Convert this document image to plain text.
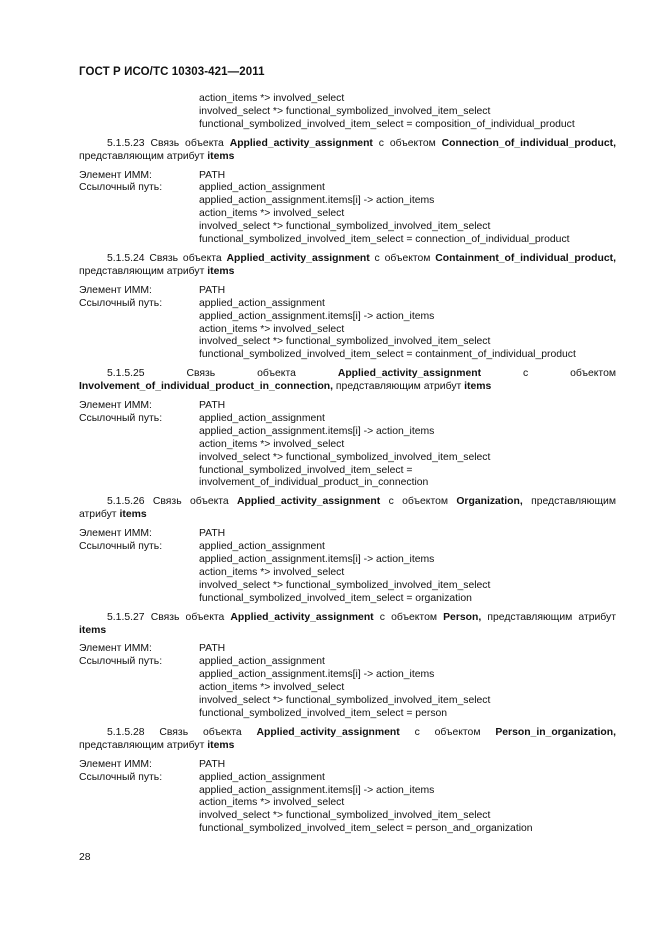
ГОСТ Р ИСО/ТС 10303-421—2011
action_items *> involved_select
involved_select *> functional_symbolized_involved_item_select
functional_symbolized_involved_item_select = composition_of_individual_product

5.1.5.23 Связь объекта Applied_activity_assignment с объектом Connection_of_individual_product, представляющим атрибут items

Элемент ИММ:	PATH
Ссылочный путь:	applied_action_assignment
applied_action_assignment.items[i] -> action_items
action_items *> involved_select
involved_select *> functional_symbolized_involved_item_select
functional_symbolized_involved_item_select = connection_of_individual_product

5.1.5.24 Связь объекта Applied_activity_assignment с объектом Containment_of_individual_product, представляющим атрибут items

Элемент ИММ:	PATH
Ссылочный путь:	applied_action_assignment
applied_action_assignment.items[i] -> action_items
action_items *> involved_select
involved_select *> functional_symbolized_involved_item_select
functional_symbolized_involved_item_select = containment_of_individual_product

5.1.5.25 Связь объекта Applied_activity_assignment с объектом Involvement_of_individual_product_in_connection, представляющим атрибут items

Элемент ИММ:	PATH
Ссылочный путь:	applied_action_assignment
applied_action_assignment.items[i] -> action_items
action_items *> involved_select
involved_select *> functional_symbolized_involved_item_select
functional_symbolized_involved_item_select =
involvement_of_individual_product_in_connection

5.1.5.26 Связь объекта Applied_activity_assignment с объектом Organization, представляющим атрибут items

Элемент ИММ:	PATH
Ссылочный путь:	applied_action_assignment
applied_action_assignment.items[i] -> action_items
action_items *> involved_select
involved_select *> functional_symbolized_involved_item_select
functional_symbolized_involved_item_select = organization

5.1.5.27 Связь объекта Applied_activity_assignment с объектом Person, представляющим атрибут items

Элемент ИММ:	PATH
Ссылочный путь:	applied_action_assignment
applied_action_assignment.items[i] -> action_items
action_items *> involved_select
involved_select *> functional_symbolized_involved_item_select
functional_symbolized_involved_item_select = person

5.1.5.28 Связь объекта Applied_activity_assignment с объектом Person_in_organization, представляющим атрибут items

Элемент ИММ:	PATH
Ссылочный путь:	applied_action_assignment
applied_action_assignment.items[i] -> action_items
action_items *> involved_select
involved_select *> functional_symbolized_involved_item_select
functional_symbolized_involved_item_select = person_and_organization
28
